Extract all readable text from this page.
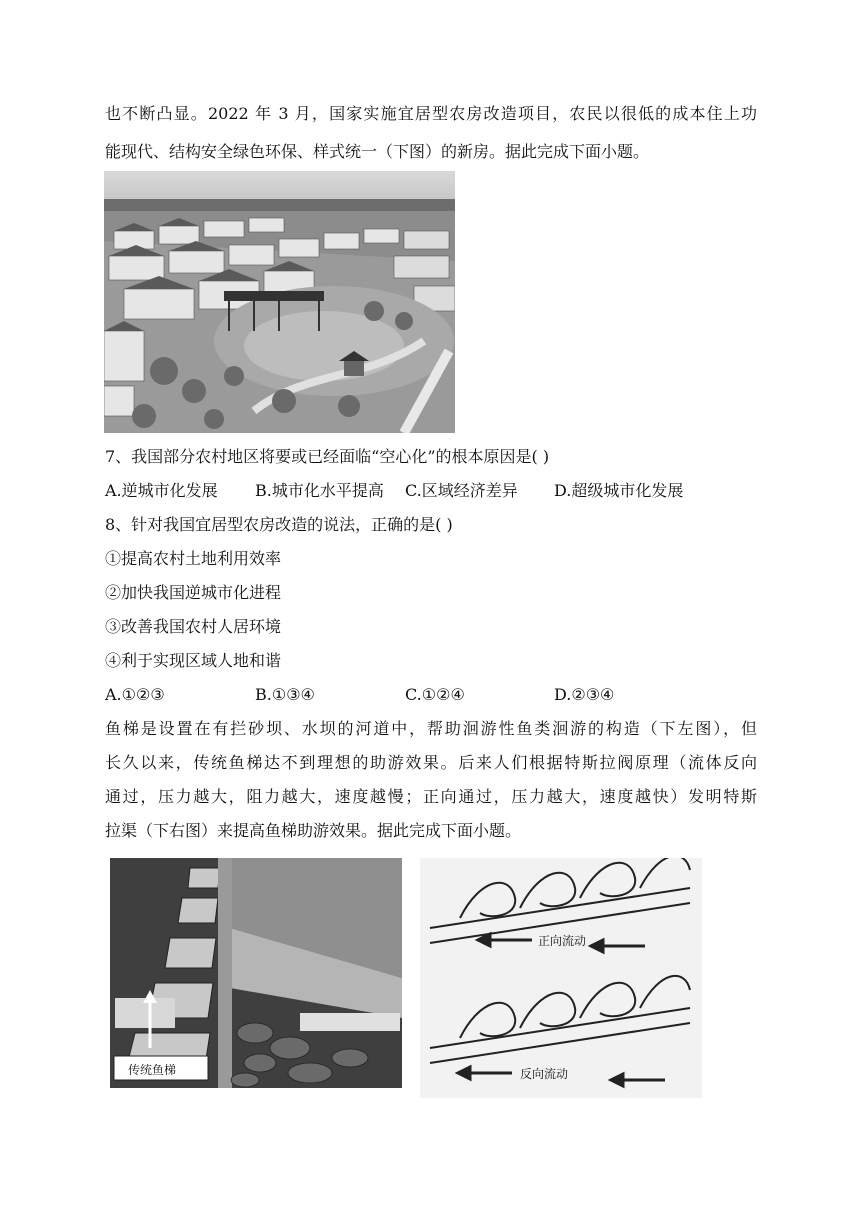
也不断凸显。2022 年 3 月，国家实施宜居型农房改造项目，农民以很低的成本住上功
能现代、结构安全绿色环保、样式统一（下图）的新房。据此完成下面小题。
7、我国部分农村地区将要或已经面临“空心化”的根本原因是( )
A.逆城市化发展 B.城市化水平提高 C.区域经济差异 D.超级城市化发展
8、针对我国宜居型农房改造的说法，正确的是( )
①提高农村土地利用效率
②加快我国逆城市化进程
③改善我国农村人居环境
④利于实现区域人地和谐
A.①②③	B.①③④	C.①②④	D.②③④
鱼梯是设置在有拦砂坝、水坝的河道中，帮助洄游性鱼类洄游的构造（下左图），但
长久以来，传统鱼梯达不到理想的助游效果。后来人们根据特斯拉阀原理（流体反向
通过，压力越大，阻力越大，速度越慢；正向通过，压力越大，速度越快）发明特斯
拉渠（下右图）来提高鱼梯助游效果。据此完成下面小题。
传统鱼梯
正向流动
反向流动
